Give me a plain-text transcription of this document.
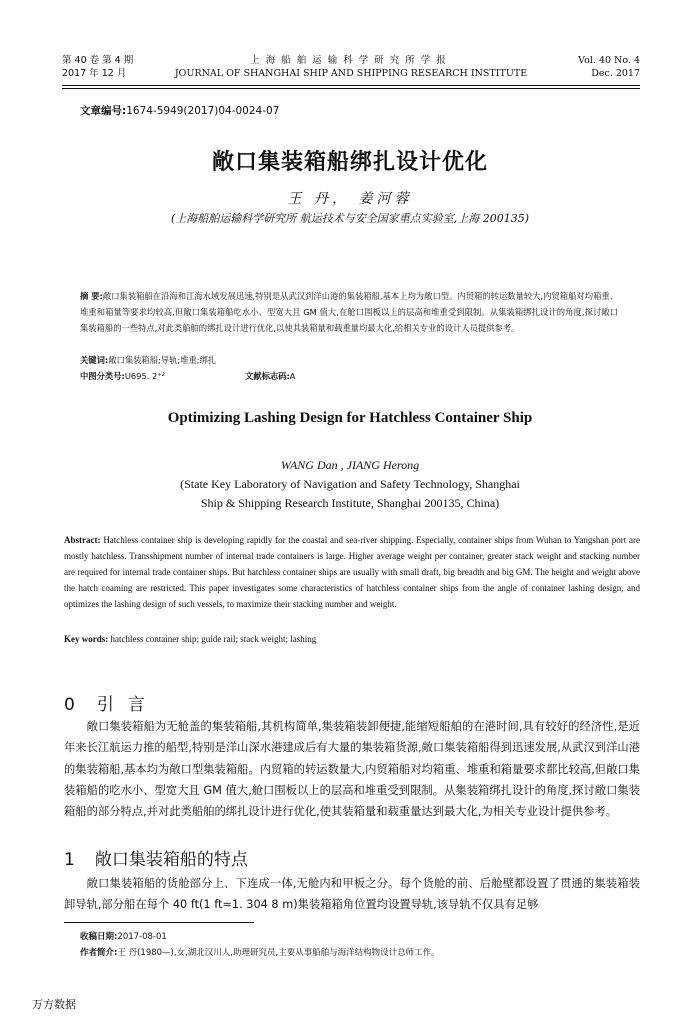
第 40 卷 第 4 期
2017 年 12 月
上海船舶运输科学研究所学报
JOURNAL OF SHANGHAI SHIP AND SHIPPING RESEARCH INSTITUTE
Vol. 40 No. 4
Dec. 2017
文章编号:1674-5949(2017)04-0024-07
敞口集装箱船绑扎设计优化
王 丹， 姜河蓉
(上海船舶运输科学研究所 航运技术与安全国家重点实验室,上海 200135)
摘 要:敞口集装箱船在沿海和江海水域发展迅速,特别是从武汉到洋山港的集装箱船,基本上均为敞口型。内贸箱的转运数量较大,内贸箱船对均箱重、堆重和箱量等要求均较高,但敞口集装箱船吃水小、型宽大且 GM 值大,在舱口围板以上的层高和堆重受到限制。从集装箱绑扎设计的角度,探讨敞口集装箱船的一些特点,对此类船舶的绑扎设计进行优化,以使其装箱量和载重量均最大化,给相关专业的设计人员提供参考。
关键词:敞口集装箱船;导轨;堆重;绑扎
中图分类号:U695. 2⁺²	文献标志码:A
Optimizing Lashing Design for Hatchless Container Ship
WANG Dan , JIANG Herong
(State Key Laboratory of Navigation and Safety Technology, Shanghai
Ship & Shipping Research Institute, Shanghai 200135, China)
Abstract: Hatchless container ship is developing rapidly for the coastal and sea-river shipping. Especially, container ships from Wuhan to Yangshan port are mostly hatchless. Transshipment number of internal trade containers is large. Higher average weight per container, greater stack weight and stacking number are required for internal trade container ships. But hatchless container ships are usually with small draft, big breadth and big GM. The height and weight above the hatch coaming are restricted. This paper investigates some characteristics of hatchless container ships from the angle of container lashing design, and optimizes the lashing design of such vessels, to maximize their stacking number and weight.
Key words: hatchless container ship; guide rail; stack weight; lashing
0 引言

敞口集装箱船为无舱盖的集装箱船,其机构简单,集装箱装卸便捷,能缩短船舶的在港时间,具有较好的经济性,是近年来长江航运力推的船型,特别是洋山深水港建成后有大量的集装箱货源,敞口集装箱船得到迅速发展,从武汉到洋山港的集装箱船,基本均为敞口型集装箱船。内贸箱的转运数量大,内贸箱船对均箱重、堆重和箱量要求都比较高,但敞口集装箱船的吃水小、型宽大且 GM 值大,舱口围板以上的层高和堆重受到限制。从集装箱绑扎设计的角度,探讨敞口集装箱船的部分特点,并对此类船舶的绑扎设计进行优化,使其装箱量和载重量达到最大化,为相关专业设计提供参考。

1 敞口集装箱船的特点

敞口集装箱船的货舱部分上、下连成一体,无舱内和甲板之分。每个货舱的前、后舱壁都设置了贯通的集装箱装卸导轨,部分船在每个 40 ft(1 ft≈1. 304 8 m)集装箱箱角位置均设置导轨,该导轨不仅具有足够

收稿日期:2017-08-01
作者简介:王 丹(1980—),女,湖北汉川人,助理研究员,主要从事船舶与海洋结构物设计总师工作。
万方数据
